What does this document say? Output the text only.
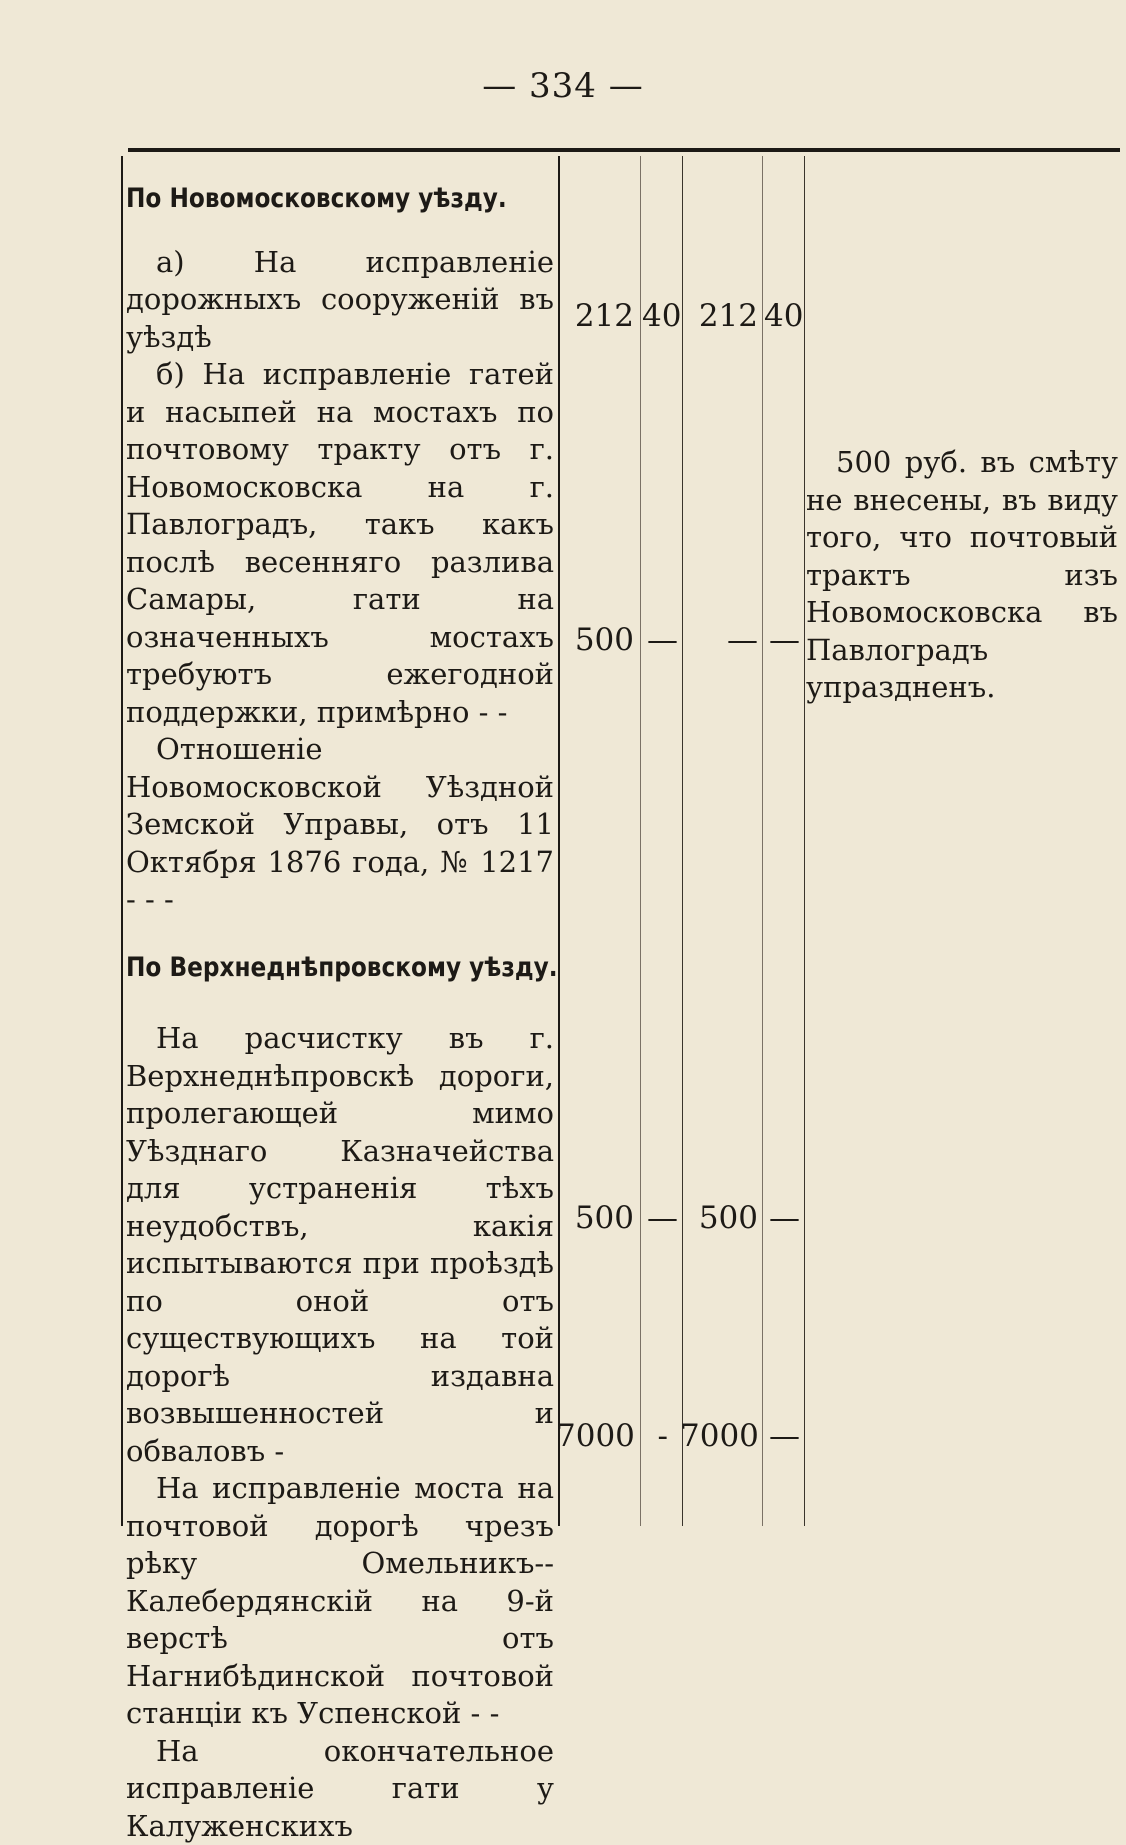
— 334 —

По Новомосковскому уѣзду.

а) На исправленіе дорожныхъ сооруженій въ уѣздѣ

б) На исправленіе гатей и насыпей на мостахъ по почтовому тракту отъ г. Новомосковска на г. Павлоградъ, такъ какъ послѣ весенняго разлива Самары, гати на означенныхъ мостахъ требуютъ ежегодной поддержки, примѣрно - -

Отношеніе Новомосковской Уѣздной Земской Управы, отъ 11 Октября 1876 года, № 1217 - - -

По Верхнеднѣпровскому уѣзду.

На расчистку въ г. Верхнеднѣпровскѣ дороги, пролегающей мимо Уѣзднаго Казначейства для устраненія тѣхъ неудобствъ, какія испытываются при проѣздѣ по оной отъ существующихъ на той дорогѣ издавна возвышенностей и обваловъ -

На исправленіе моста на почтовой дорогѣ чрезъ рѣку Омельникъ--Калебердянскій на 9-й верстѣ отъ Нагнибѣдинской почтовой станціи къ Успенской - -

На окончательное исправленіе гати у Калуженскихъ

212 40 212 40
500 —	— —
500 — 500 —
7000 - 7000 —

500 руб. въ смѣту не внесены, въ виду того, что почтовый трактъ изъ Новомосковска въ Павлоградъ упраздненъ.
